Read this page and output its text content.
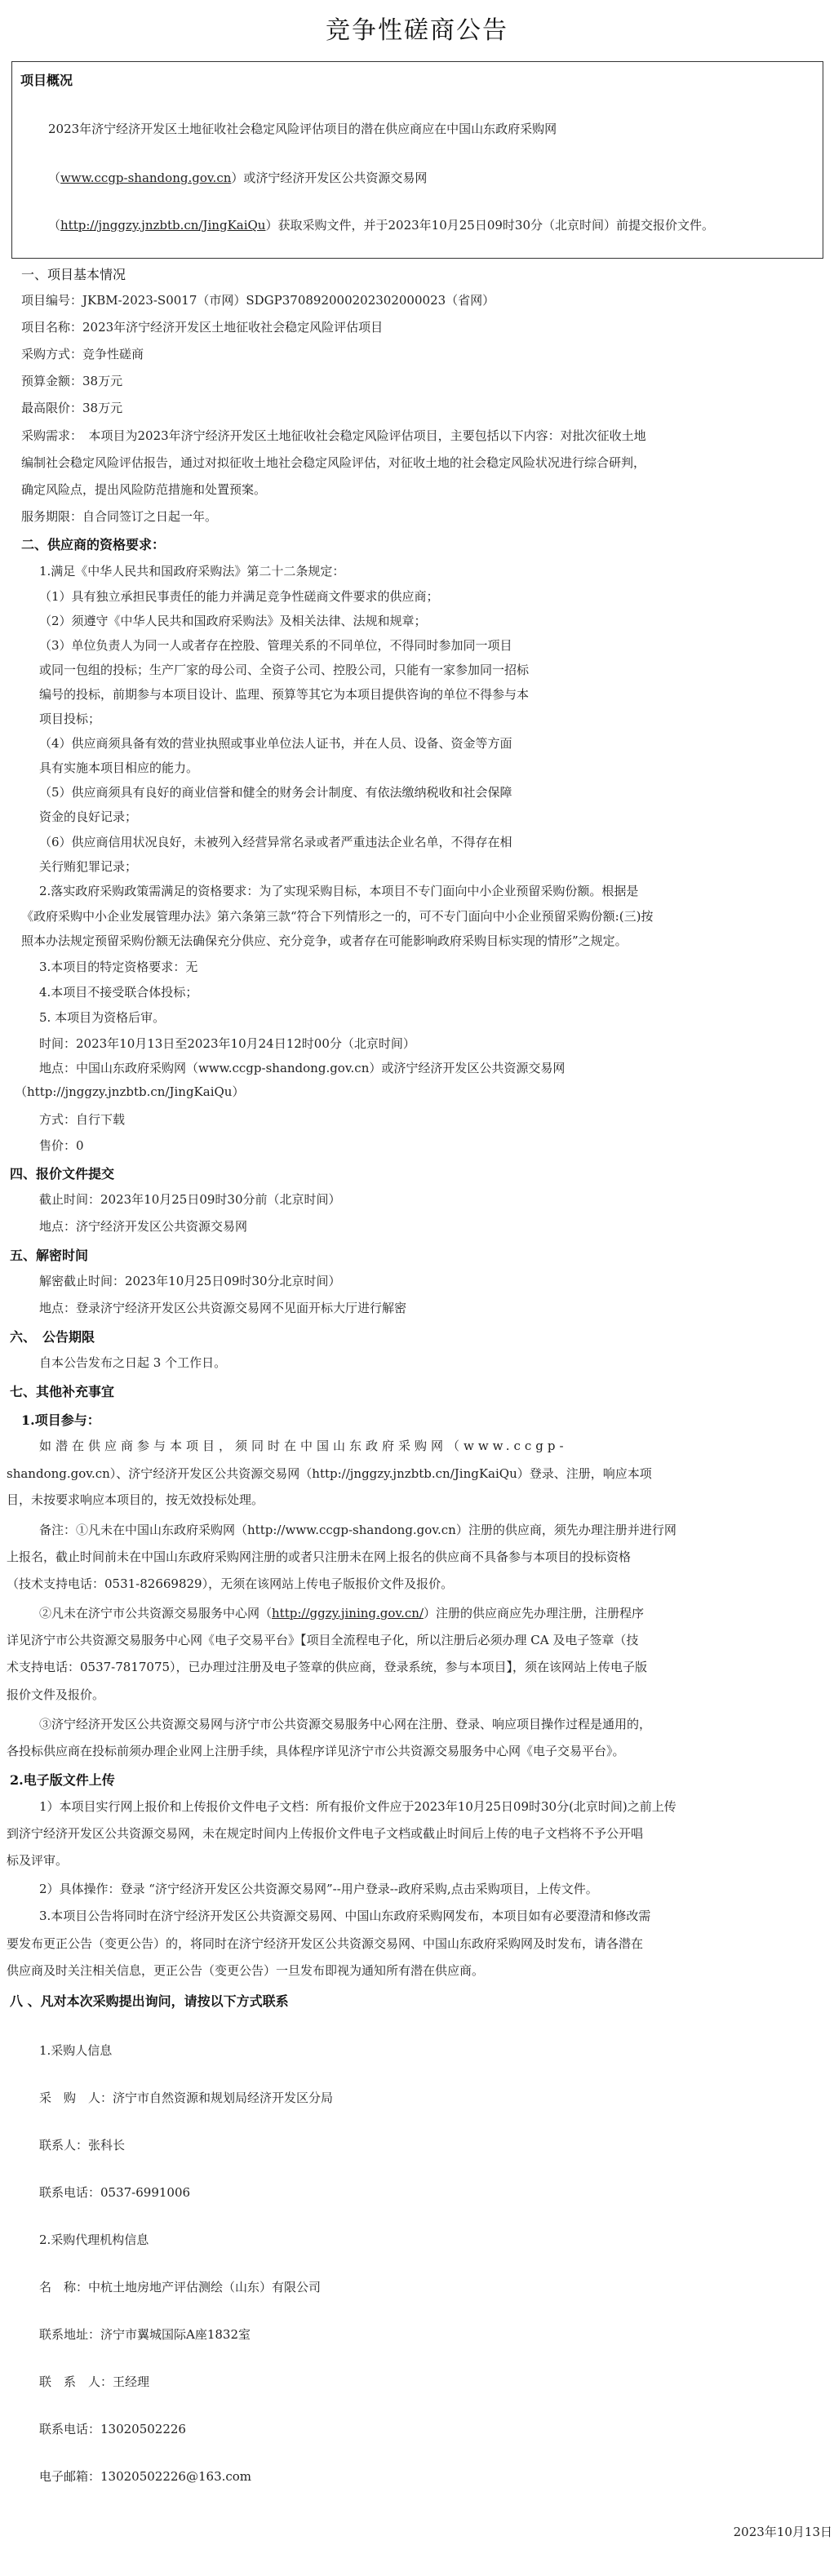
竞争性磋商公告
项目概况
2023年济宁经济开发区土地征收社会稳定风险评估项目的潜在供应商应在中国山东政府采购网
（www.ccgp-shandong.gov.cn）或济宁经济开发区公共资源交易网
（http://jnggzy.jnzbtb.cn/JingKaiQu）获取采购文件，并于2023年10月25日09时30分（北京时间）前提交报价文件。
一、项目基本情况
项目编号：JKBM-2023-S0017（市网）SDGP370892000202302000023（省网）
项目名称：2023年济宁经济开发区土地征收社会稳定风险评估项目
采购方式：竞争性磋商
预算金额：38万元
最高限价：38万元
采购需求：　本项目为2023年济宁经济开发区土地征收社会稳定风险评估项目，主要包括以下内容：对批次征收土地
编制社会稳定风险评估报告，通过对拟征收土地社会稳定风险评估，对征收土地的社会稳定风险状况进行综合研判，
确定风险点，提出风险防范措施和处置预案。
服务期限：自合同签订之日起一年。
二、供应商的资格要求：
1.满足《中华人民共和国政府采购法》第二十二条规定：
（1）具有独立承担民事责任的能力并满足竞争性磋商文件要求的供应商；
（2）须遵守《中华人民共和国政府采购法》及相关法律、法规和规章；
（3）单位负责人为同一人或者存在控股、管理关系的不同单位，不得同时参加同一项目
或同一包组的投标；生产厂家的母公司、全资子公司、控股公司，只能有一家参加同一招标
编号的投标，前期参与本项目设计、监理、预算等其它为本项目提供咨询的单位不得参与本
项目投标；
（4）供应商须具备有效的营业执照或事业单位法人证书，并在人员、设备、资金等方面
具有实施本项目相应的能力。
（5）供应商须具有良好的商业信誉和健全的财务会计制度、有依法缴纳税收和社会保障
资金的良好记录；
（6）供应商信用状况良好，未被列入经营异常名录或者严重违法企业名单，不得存在相
关行贿犯罪记录；
2.落实政府采购政策需满足的资格要求：为了实现采购目标，本项目不专门面向中小企业预留采购份额。根据是
《政府采购中小企业发展管理办法》第六条第三款“符合下列情形之一的，可不专门面向中小企业预留采购份额:(三)按
照本办法规定预留采购份额无法确保充分供应、充分竞争，或者存在可能影响政府采购目标实现的情形”之规定。
3.本项目的特定资格要求：无
4.本项目不接受联合体投标；
5. 本项目为资格后审。
时间：2023年10月13日至2023年10月24日12时00分（北京时间）
地点：中国山东政府采购网（www.ccgp-shandong.gov.cn）或济宁经济开发区公共资源交易网
（http://jnggzy.jnzbtb.cn/JingKaiQu）
方式：自行下载
售价：0
四、报价文件提交
截止时间：2023年10月25日09时30分前（北京时间）
地点：济宁经济开发区公共资源交易网
五、解密时间
解密截止时间：2023年10月25日09时30分北京时间）
地点：登录济宁经济开发区公共资源交易网不见面开标大厅进行解密
六、　公告期限
自本公告发布之日起 3 个工作日。
七、其他补充事宜
1.项目参与：
如潜在供应商参与本项目，须同时在中国山东政府采购网（www.ccgp-
shandong.gov.cn）、济宁经济开发区公共资源交易网（http://jnggzy.jnzbtb.cn/JingKaiQu）登录、注册，响应本项
目，未按要求响应本项目的，按无效投标处理。
备注：①凡未在中国山东政府采购网（http://www.ccgp-shandong.gov.cn）注册的供应商，须先办理注册并进行网
上报名，截止时间前未在中国山东政府采购网注册的或者只注册未在网上报名的供应商不具备参与本项目的投标资格
（技术支持电话：0531-82669829），无须在该网站上传电子版报价文件及报价。
②凡未在济宁市公共资源交易服务中心网（http://ggzy.jining.gov.cn/）注册的供应商应先办理注册，注册程序
详见济宁市公共资源交易服务中心网《电子交易平台》【项目全流程电子化，所以注册后必须办理 CA 及电子签章（技
术支持电话：0537-7817075），已办理过注册及电子签章的供应商，登录系统，参与本项目】，须在该网站上传电子版
报价文件及报价。
③济宁经济开发区公共资源交易网与济宁市公共资源交易服务中心网在注册、登录、响应项目操作过程是通用的，
各投标供应商在投标前须办理企业网上注册手续，具体程序详见济宁市公共资源交易服务中心网《电子交易平台》。
2.电子版文件上传
1）本项目实行网上报价和上传报价文件电子文档：所有报价文件应于2023年10月25日09时30分(北京时间)之前上传
到济宁经济开发区公共资源交易网，未在规定时间内上传报价文件电子文档或截止时间后上传的电子文档将不予公开唱
标及评审。
2）具体操作：登录 “济宁经济开发区公共资源交易网”--用户登录--政府采购,点击采购项目，上传文件。
3.本项目公告将同时在济宁经济开发区公共资源交易网、中国山东政府采购网发布，本项目如有必要澄清和修改需
要发布更正公告（变更公告）的，将同时在济宁经济开发区公共资源交易网、中国山东政府采购网及时发布，请各潜在
供应商及时关注相关信息，更正公告（变更公告）一旦发布即视为通知所有潜在供应商。
八 、凡对本次采购提出询问，请按以下方式联系
1.采购人信息
采　购　人：济宁市自然资源和规划局经济开发区分局
联系人：张科长
联系电话：0537-6991006
2.采购代理机构信息
名　称：中杭土地房地产评估测绘（山东）有限公司
联系地址：济宁市翼城国际A座1832室
联　系　人：王经理
联系电话：13020502226
电子邮箱：13020502226@163.com
2023年10月13日
